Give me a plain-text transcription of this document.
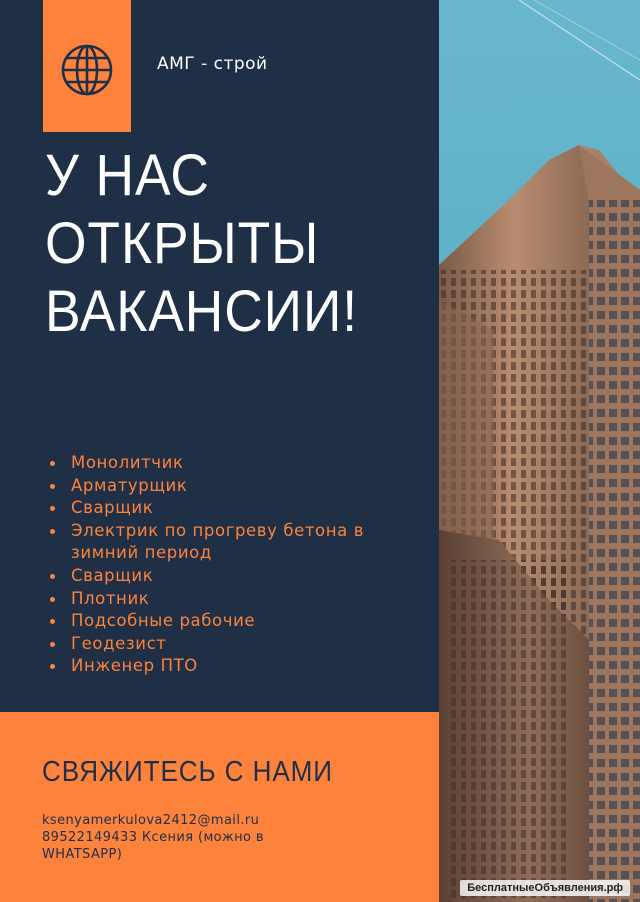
АМГ - строй
У НАС
ОТКРЫТЫ
ВАКАНСИИ!
Монолитчик
Арматурщик
Сварщик
Электрик по прогреву бетона в зимний период
Сварщик
Плотник
Подсобные рабочие
Геодезист
Инженер ПТО
СВЯЖИТЕСЬ С НАМИ
ksenyamerkulova2412@mail.ru
89522149433 Ксения (можно в
WHATSAPP)
БесплатныеОбъявления.рф
